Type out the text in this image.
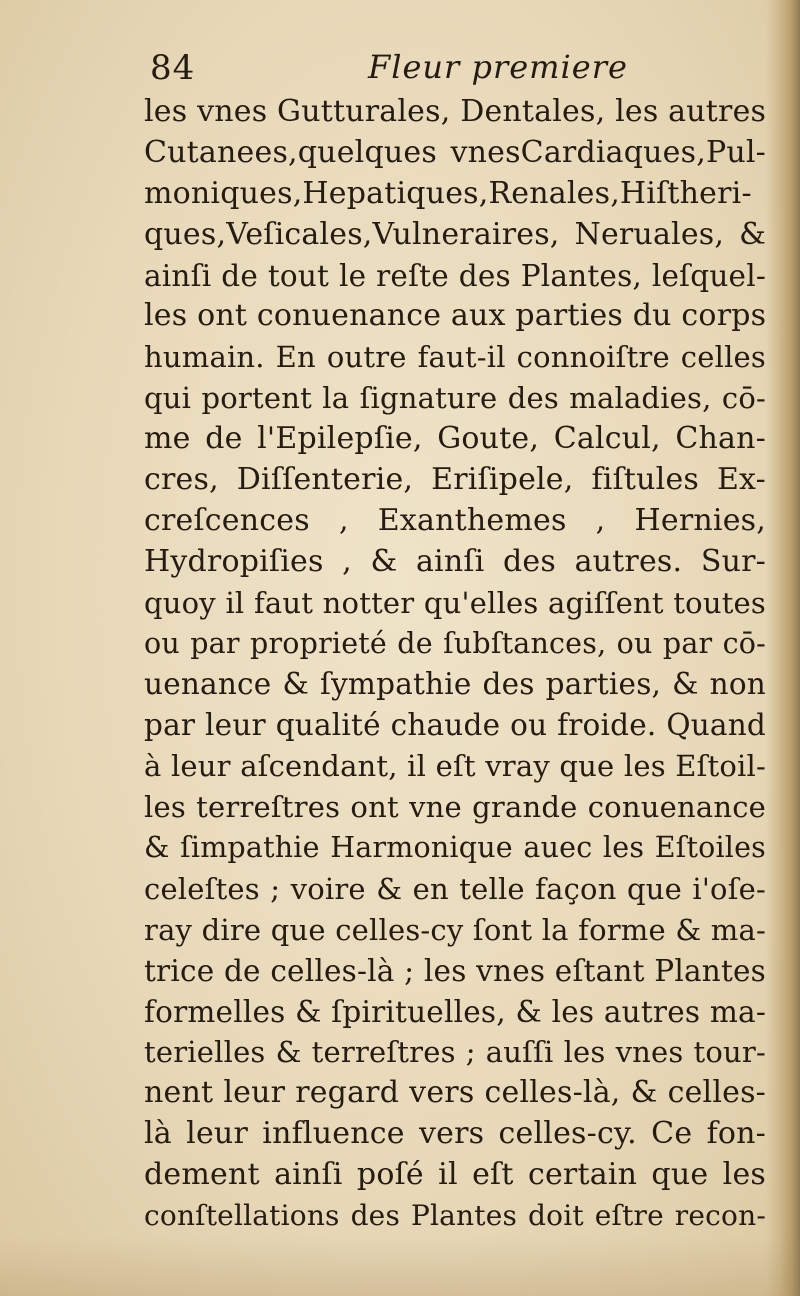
84	Fleur premiere
les vnes Gutturales, Dentales, les autres
Cutanees,quelques vnesCardiaques,Pul-
moniques,Hepatiques,Renales,Hiſtheri-
ques,Veſicales,Vulneraires, Neruales, &
ainſi de tout le reſte des Plantes, leſquel-
les ont conuenance aux parties du corps
humain. En outre faut-il connoiſtre celles
qui portent la ſignature des maladies, cō-
me de l'Epilepſie, Goute, Calcul, Chan-
cres, Diſſenterie, Eriſipele, fiſtules Ex-
creſcences , Exanthemes , Hernies,
Hydropiſies , & ainſi des autres. Sur-
quoy il faut notter qu'elles agiſſent toutes
ou par proprieté de ſubſtances, ou par cō-
uenance & ſympathie des parties, & non
par leur qualité chaude ou froide. Quand
à leur aſcendant, il eſt vray que les Eſtoil-
les terreſtres ont vne grande conuenance
& ſimpathie Harmonique auec les Eſtoiles
celeſtes ; voire & en telle façon que i'oſe-
ray dire que celles-cy ſont la forme & ma-
trice de celles-là ; les vnes eſtant Plantes
formelles & ſpirituelles, & les autres ma-
terielles & terreſtres ; auſſi les vnes tour-
nent leur regard vers celles-là, & celles-
là leur influence vers celles-cy. Ce fon-
dement ainſi poſé il eſt certain que les
conſtellations des Plantes doit eſtre recon-
